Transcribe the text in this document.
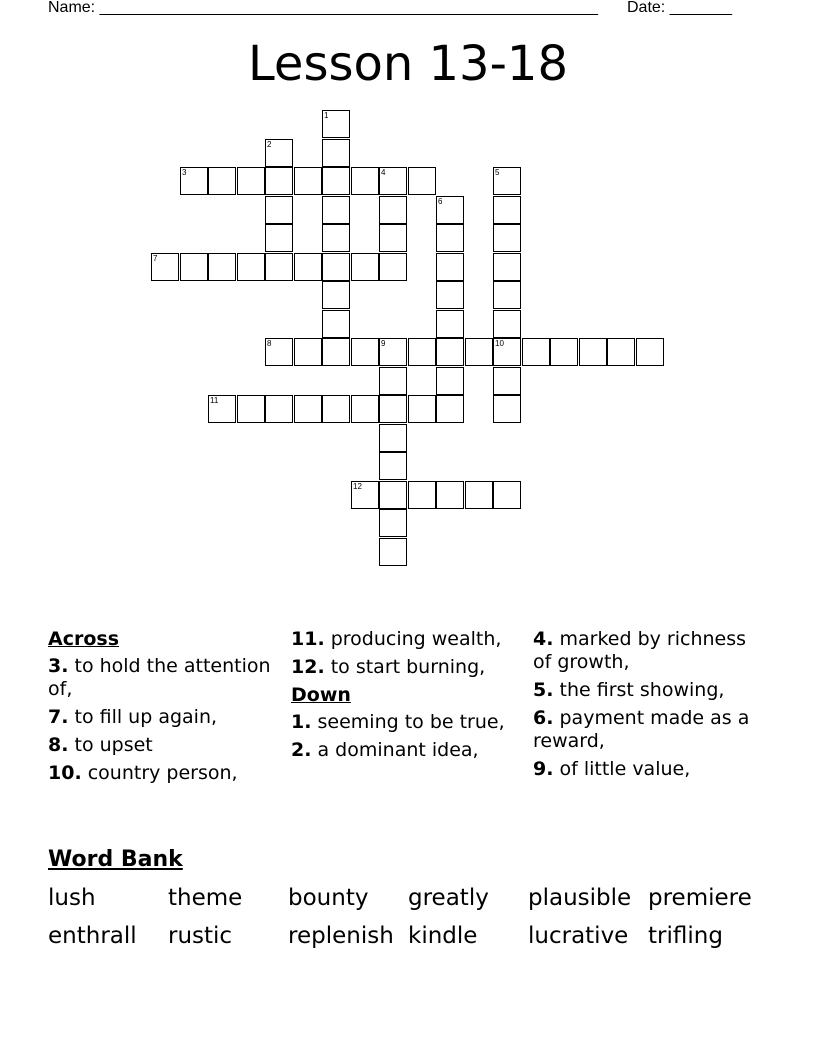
Name: ________________________________________________________ Date: _______
Lesson 13-18
1
2
3	4	5
10
6
7
8	9
11
12
Across
3. to hold the attention of,
7. to fill up again,
8. to upset
10. country person,
11. producing wealth,
12. to start burning,
Down
1. seeming to be true,
2. a dominant idea,
4. marked by richness of growth,
5. the first showing,
6. payment made as a reward,
9. of little value,
Word Bank
lush	theme bounty greatly plausible premiere
enthrall rustic replenish kindle lucrative trifling
